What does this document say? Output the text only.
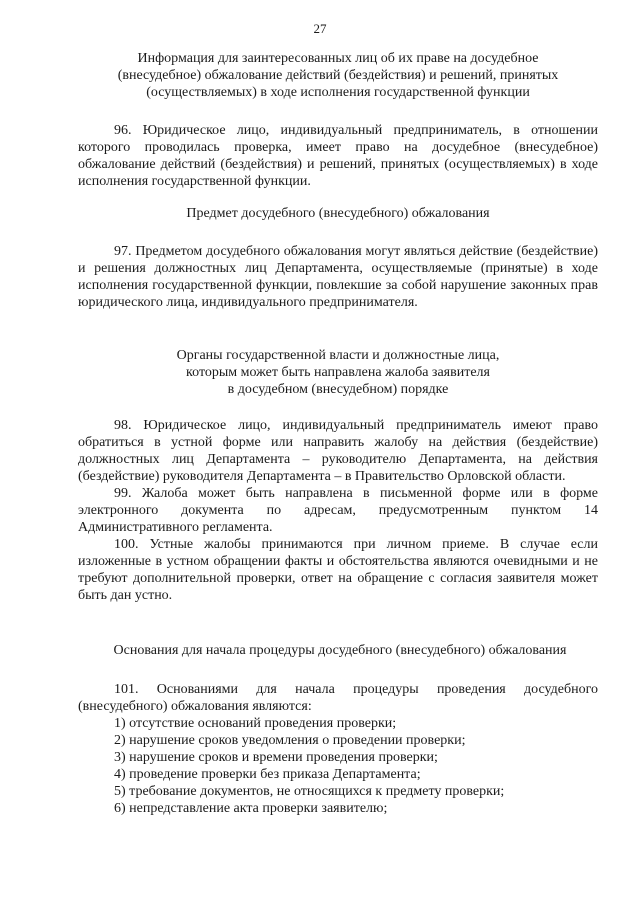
27

Информация для заинтересованных лиц об их праве на досудебное

(внесудебное) обжалование действий (бездействия) и решений, принятых

(осуществляемых) в ходе исполнения государственной функции

96. Юридическое лицо, индивидуальный предприниматель, в отношении которого проводилась проверка, имеет право на досудебное (внесудебное) обжалование действий (бездействия) и решений, принятых (осуществляемых) в ходе исполнения государственной функции.

Предмет досудебного (внесудебного) обжалования

97. Предметом досудебного обжалования могут являться действие (бездействие) и решения должностных лиц Департамента, осуществляемые (принятые) в ходе исполнения государственной функции, повлекшие за собой нарушение законных прав юридического лица, индивидуального предпринимателя.

Органы государственной власти и должностные лица,

которым может быть направлена жалоба заявителя

в досудебном (внесудебном) порядке

98. Юридическое лицо, индивидуальный предприниматель имеют право обратиться в устной форме или направить жалобу на действия (бездействие) должностных лиц Департамента – руководителю Департамента, на действия (бездействие) руководителя Департамента – в Правительство Орловской области.

99. Жалоба может быть направлена в письменной форме или в форме электронного документа по адресам, предусмотренным пунктом 14 Административного регламента.

100. Устные жалобы принимаются при личном приеме. В случае если изложенные в устном обращении факты и обстоятельства являются очевидными и не требуют дополнительной проверки, ответ на обращение с согласия заявителя может быть дан устно.

Основания для начала процедуры досудебного (внесудебного) обжалования

101. Основаниями для начала процедуры проведения досудебного (внесудебного) обжалования являются:

1) отсутствие оснований проведения проверки;

2) нарушение сроков уведомления о проведении проверки;

3) нарушение сроков и времени проведения проверки;

4) проведение проверки без приказа Департамента;

5) требование документов, не относящихся к предмету проверки;

6) непредставление акта проверки заявителю;
